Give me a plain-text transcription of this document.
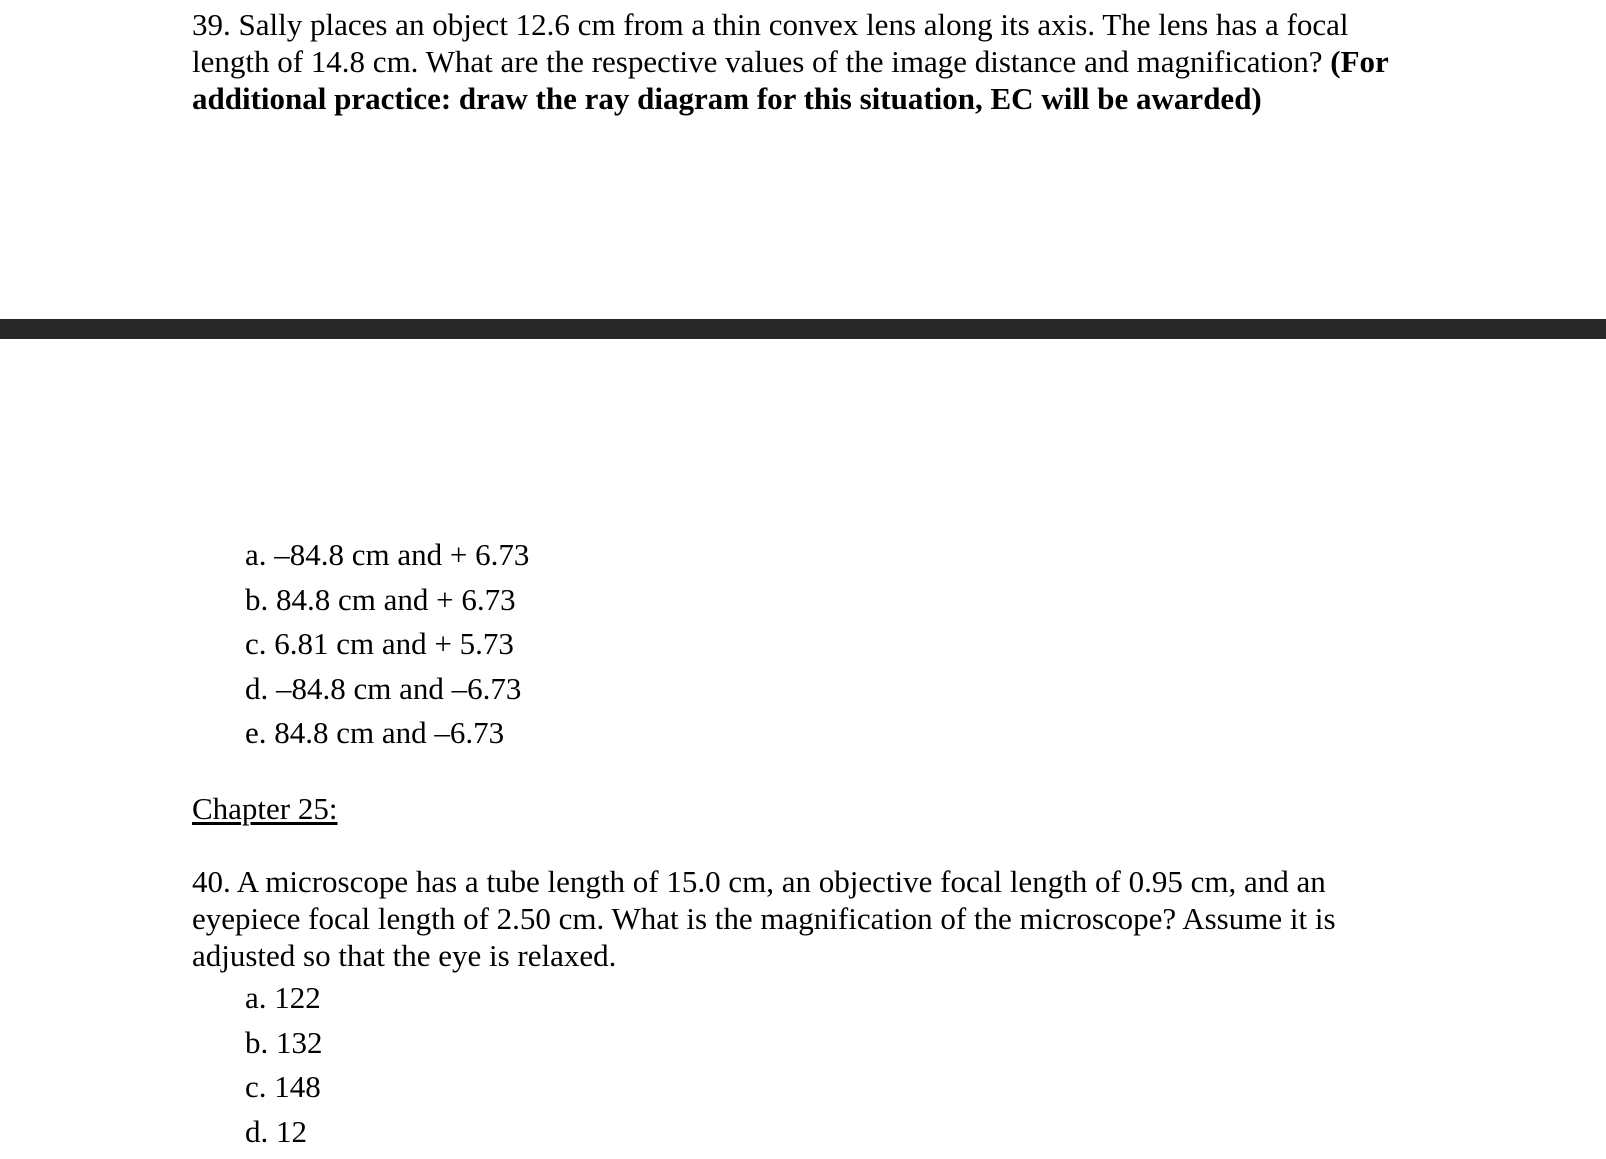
39. Sally places an object 12.6 cm from a thin convex lens along its axis. The lens has a focal length of 14.8 cm. What are the respective values of the image distance and magnification? (For additional practice: draw the ray diagram for this situation, EC will be awarded)
a. –84.8 cm and + 6.73
b. 84.8 cm and + 6.73
c. 6.81 cm and + 5.73
d. –84.8 cm and –6.73
e. 84.8 cm and –6.73
Chapter 25:
40. A microscope has a tube length of 15.0 cm, an objective focal length of 0.95 cm, and an eyepiece focal length of 2.50 cm. What is the magnification of the microscope? Assume it is adjusted so that the eye is relaxed.
a. 122
b. 132
c. 148
d. 12
